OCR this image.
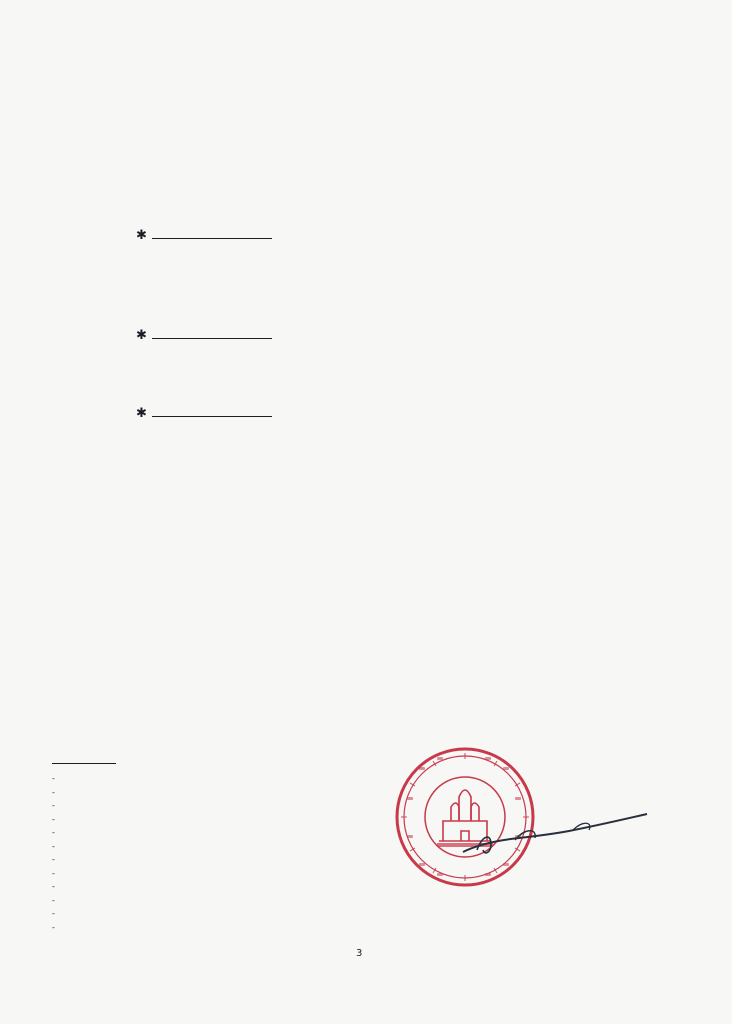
✱
✱
✱
-
-
-
-
-
-
-
-
-
-
-
-
3
